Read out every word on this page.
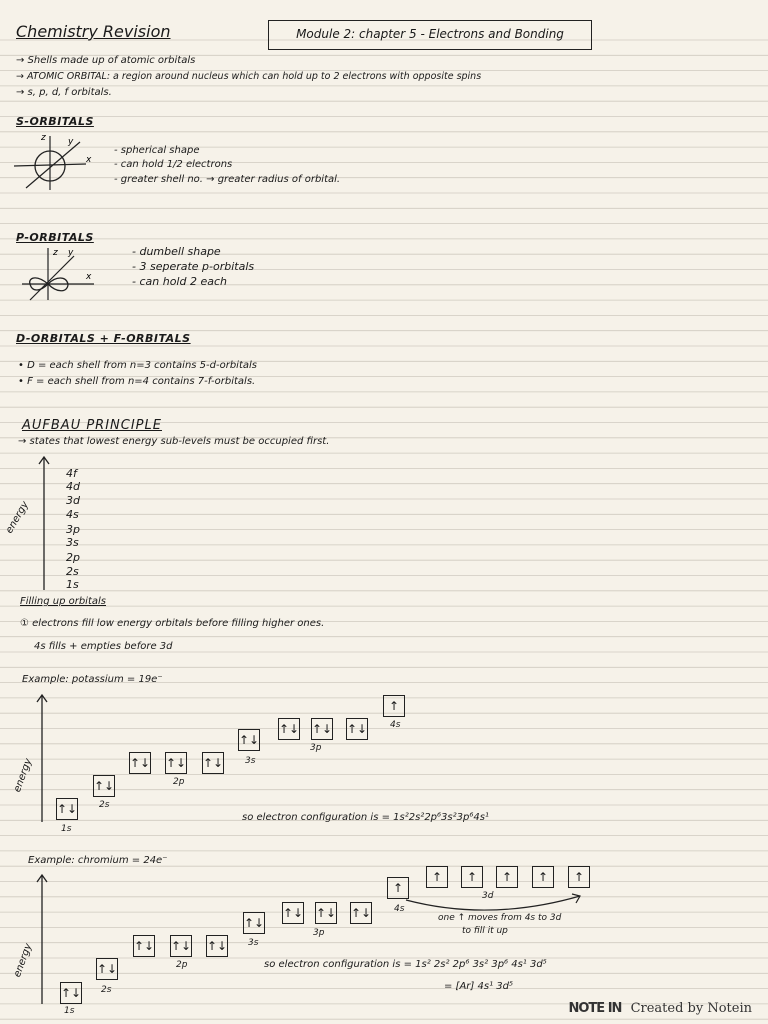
Chemistry Revision	Module 2: chapter 5 - Electrons and Bonding
→ Shells made up of atomic orbitals
→ ATOMIC ORBITAL: a region around nucleus which can hold up to 2 electrons with opposite spins
→ s, p, d, f orbitals.
S-ORBITALS
z y
x
- spherical shape
- can hold 1/2 electrons
- greater shell no. → greater radius of orbital.
P-ORBITALS
z y
x
- dumbell shape
- 3 seperate p-orbitals
- can hold 2 each
D-ORBITALS + F-ORBITALS
• D = each shell from n=3 contains 5-d-orbitals
• F = each shell from n=4 contains 7-f-orbitals.
AUFBAU PRINCIPLE
→ states that lowest energy sub-levels must be occupied first.
energy
4f
4d
3d
4s
3p
3s
2p
2s
1s
Filling up orbitals
① electrons fill low energy orbitals before filling higher ones.
4s fills + empties before 3d
Example: potassium = 19e⁻
energy
↑↓
↑↓
↑↓ ↑↓ ↑↓
↑↓
↑↓ ↑↓ ↑↓
↑
1s
2s
2p
3s
3p
4s
so electron configuration is = 1s²2s²2p⁶3s²3p⁶4s¹
Example: chromium = 24e⁻
energy
↑↓
↑↓
↑↓ ↑↓ ↑↓
↑↓
↑↓ ↑↓ ↑↓
↑
↑	↑	↑	↑	↑
1s
2s
2p
3s
3p
4s
3d
one ↑ moves from 4s to 3d
to fill it up
so electron configuration is = 1s² 2s² 2p⁶ 3s² 3p⁶ 4s¹ 3d⁵
= [Ar] 4s¹ 3d⁵
NOTE IN Created by Notein
